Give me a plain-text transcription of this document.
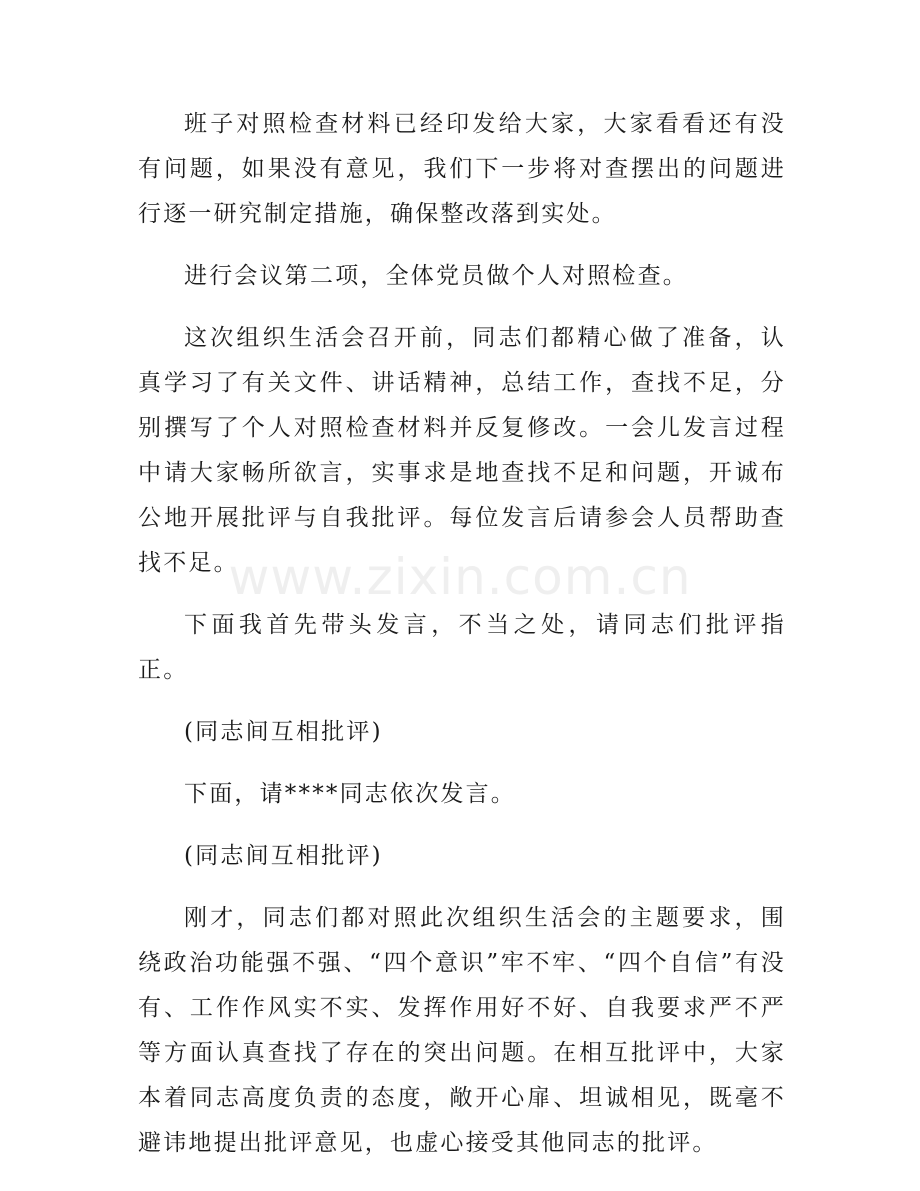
班子对照检查材料已经印发给大家，大家看看还有没有问题，如果没有意见，我们下一步将对查摆出的问题进行逐一研究制定措施，确保整改落到实处。

进行会议第二项，全体党员做个人对照检查。

这次组织生活会召开前，同志们都精心做了准备，认真学习了有关文件、讲话精神，总结工作，查找不足，分别撰写了个人对照检查材料并反复修改。一会儿发言过程中请大家畅所欲言，实事求是地查找不足和问题，开诚布公地开展批评与自我批评。每位发言后请参会人员帮助查找不足。

下面我首先带头发言，不当之处，请同志们批评指正。

(同志间互相批评)

下面，请****同志依次发言。

(同志间互相批评)

刚才，同志们都对照此次组织生活会的主题要求，围绕政治功能强不强、“四个意识”牢不牢、“四个自信”有没有、工作作风实不实、发挥作用好不好、自我要求严不严等方面认真查找了存在的突出问题。在相互批评中，大家本着同志高度负责的态度，敞开心扉、坦诚相见，既毫不避讳地提出批评意见，也虚心接受其他同志的批评。

www.zixin.com.cn
